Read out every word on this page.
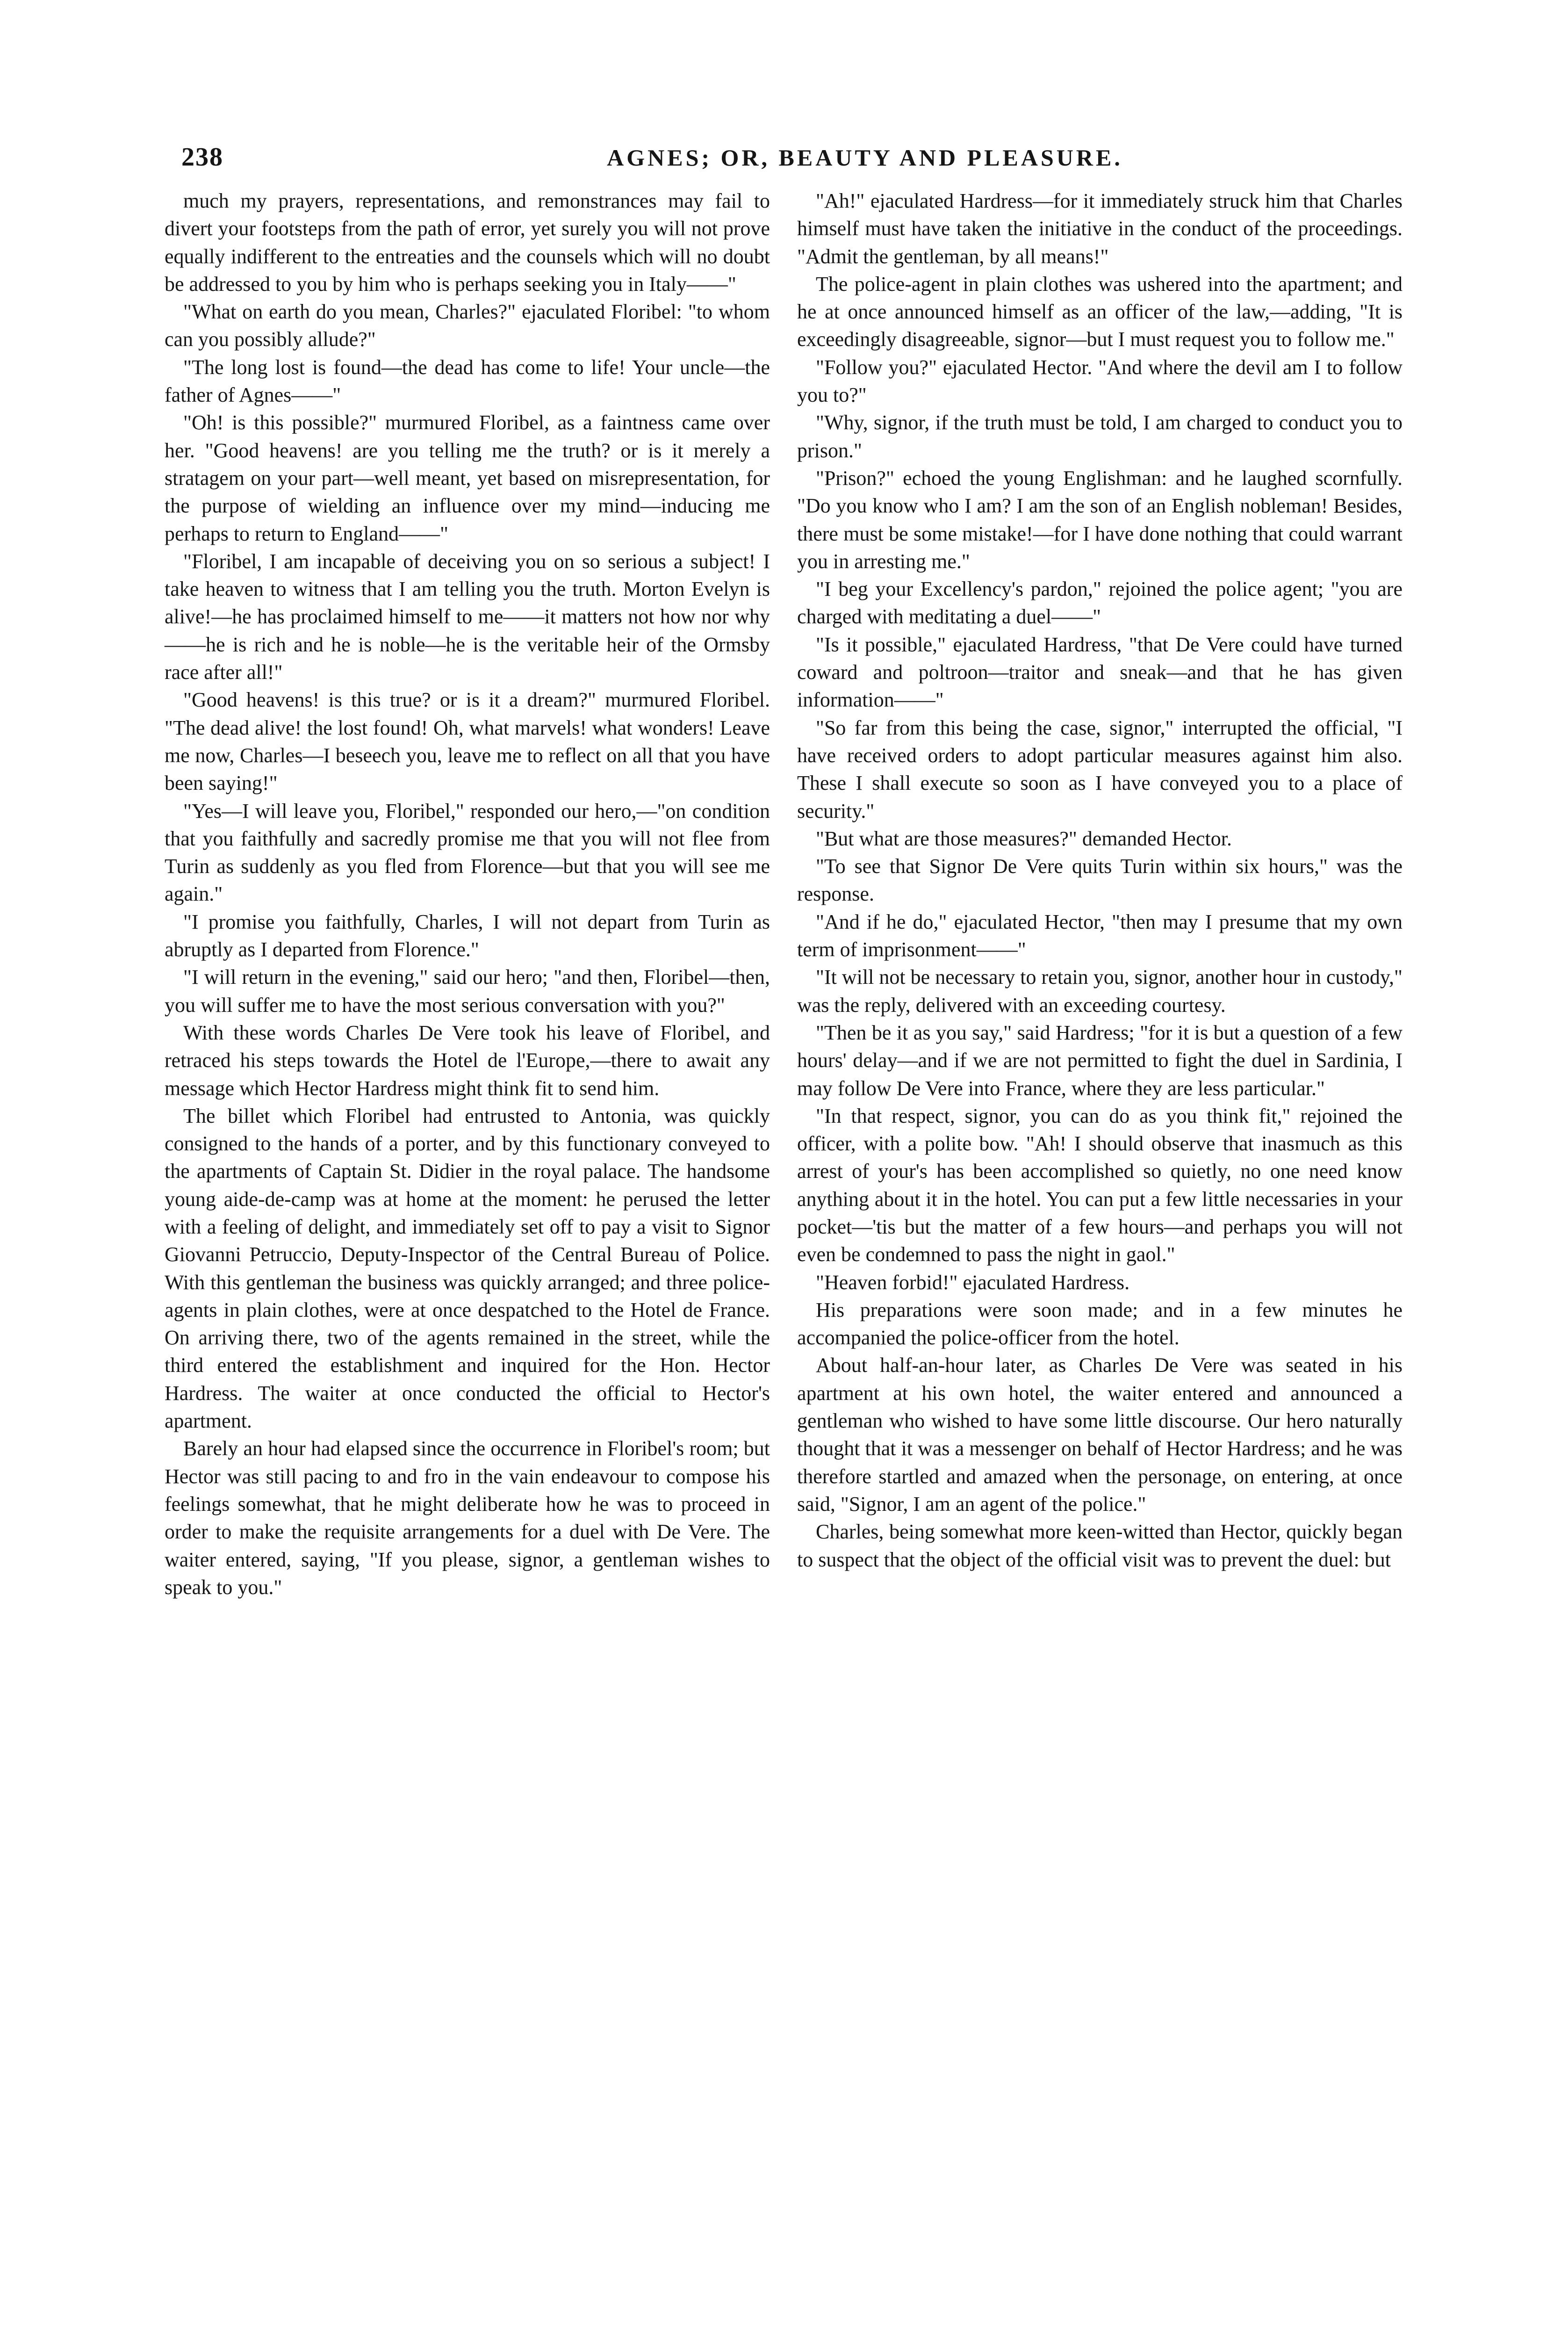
238	AGNES; OR, BEAUTY AND PLEASURE.

much my prayers, representations, and remonstrances may fail to divert your footsteps from the path of error, yet surely you will not prove equally indifferent to the entreaties and the counsels which will no doubt be addressed to you by him who is perhaps seeking you in Italy——"

"What on earth do you mean, Charles?" ejaculated Floribel: "to whom can you possibly allude?"

"The long lost is found—the dead has come to life! Your uncle—the father of Agnes——"

"Oh! is this possible?" murmured Floribel, as a faintness came over her. "Good heavens! are you telling me the truth? or is it merely a stratagem on your part—well meant, yet based on misrepresentation, for the purpose of wielding an influence over my mind—inducing me perhaps to return to England——"

"Floribel, I am incapable of deceiving you on so serious a subject! I take heaven to witness that I am telling you the truth. Morton Evelyn is alive!—he has proclaimed himself to me——it matters not how nor why——he is rich and he is noble—he is the veritable heir of the Ormsby race after all!"

"Good heavens! is this true? or is it a dream?" murmured Floribel. "The dead alive! the lost found! Oh, what marvels! what wonders! Leave me now, Charles—I beseech you, leave me to reflect on all that you have been saying!"

"Yes—I will leave you, Floribel," responded our hero,—"on condition that you faithfully and sacredly promise me that you will not flee from Turin as suddenly as you fled from Florence—but that you will see me again."

"I promise you faithfully, Charles, I will not depart from Turin as abruptly as I departed from Florence."

"I will return in the evening," said our hero; "and then, Floribel—then, you will suffer me to have the most serious conversation with you?"

With these words Charles De Vere took his leave of Floribel, and retraced his steps towards the Hotel de l'Europe,—there to await any message which Hector Hardress might think fit to send him.

The billet which Floribel had entrusted to Antonia, was quickly consigned to the hands of a porter, and by this functionary conveyed to the apartments of Captain St. Didier in the royal palace. The handsome young aide-de-camp was at home at the moment: he perused the letter with a feeling of delight, and immediately set off to pay a visit to Signor Giovanni Petruccio, Deputy-Inspector of the Central Bureau of Police. With this gentleman the business was quickly arranged; and three police-agents in plain clothes, were at once despatched to the Hotel de France. On arriving there, two of the agents remained in the street, while the third entered the establishment and inquired for the Hon. Hector Hardress. The waiter at once conducted the official to Hector's apartment.

Barely an hour had elapsed since the occurrence in Floribel's room; but Hector was still pacing to and fro in the vain endeavour to compose his feelings somewhat, that he might deliberate how he was to proceed in order to make the requisite arrangements for a duel with De Vere. The waiter entered, saying, "If you please, signor, a gentleman wishes to speak to you."

"Ah!" ejaculated Hardress—for it immediately struck him that Charles himself must have taken the initiative in the conduct of the proceedings. "Admit the gentleman, by all means!"

The police-agent in plain clothes was ushered into the apartment; and he at once announced himself as an officer of the law,—adding, "It is exceedingly disagreeable, signor—but I must request you to follow me."

"Follow you?" ejaculated Hector. "And where the devil am I to follow you to?"

"Why, signor, if the truth must be told, I am charged to conduct you to prison."

"Prison?" echoed the young Englishman: and he laughed scornfully. "Do you know who I am? I am the son of an English nobleman! Besides, there must be some mistake!—for I have done nothing that could warrant you in arresting me."

"I beg your Excellency's pardon," rejoined the police agent; "you are charged with meditating a duel——"

"Is it possible," ejaculated Hardress, "that De Vere could have turned coward and poltroon—traitor and sneak—and that he has given information——"

"So far from this being the case, signor," interrupted the official, "I have received orders to adopt particular measures against him also. These I shall execute so soon as I have conveyed you to a place of security."

"But what are those measures?" demanded Hector.

"To see that Signor De Vere quits Turin within six hours," was the response.

"And if he do," ejaculated Hector, "then may I presume that my own term of imprisonment——"

"It will not be necessary to retain you, signor, another hour in custody," was the reply, delivered with an exceeding courtesy.

"Then be it as you say," said Hardress; "for it is but a question of a few hours' delay—and if we are not permitted to fight the duel in Sardinia, I may follow De Vere into France, where they are less particular."

"In that respect, signor, you can do as you think fit," rejoined the officer, with a polite bow. "Ah! I should observe that inasmuch as this arrest of your's has been accomplished so quietly, no one need know anything about it in the hotel. You can put a few little necessaries in your pocket—'tis but the matter of a few hours—and perhaps you will not even be condemned to pass the night in gaol."

"Heaven forbid!" ejaculated Hardress.

His preparations were soon made; and in a few minutes he accompanied the police-officer from the hotel.

About half-an-hour later, as Charles De Vere was seated in his apartment at his own hotel, the waiter entered and announced a gentleman who wished to have some little discourse. Our hero naturally thought that it was a messenger on behalf of Hector Hardress; and he was therefore startled and amazed when the personage, on entering, at once said, "Signor, I am an agent of the police."

Charles, being somewhat more keen-witted than Hector, quickly began to suspect that the object of the official visit was to prevent the duel: but
